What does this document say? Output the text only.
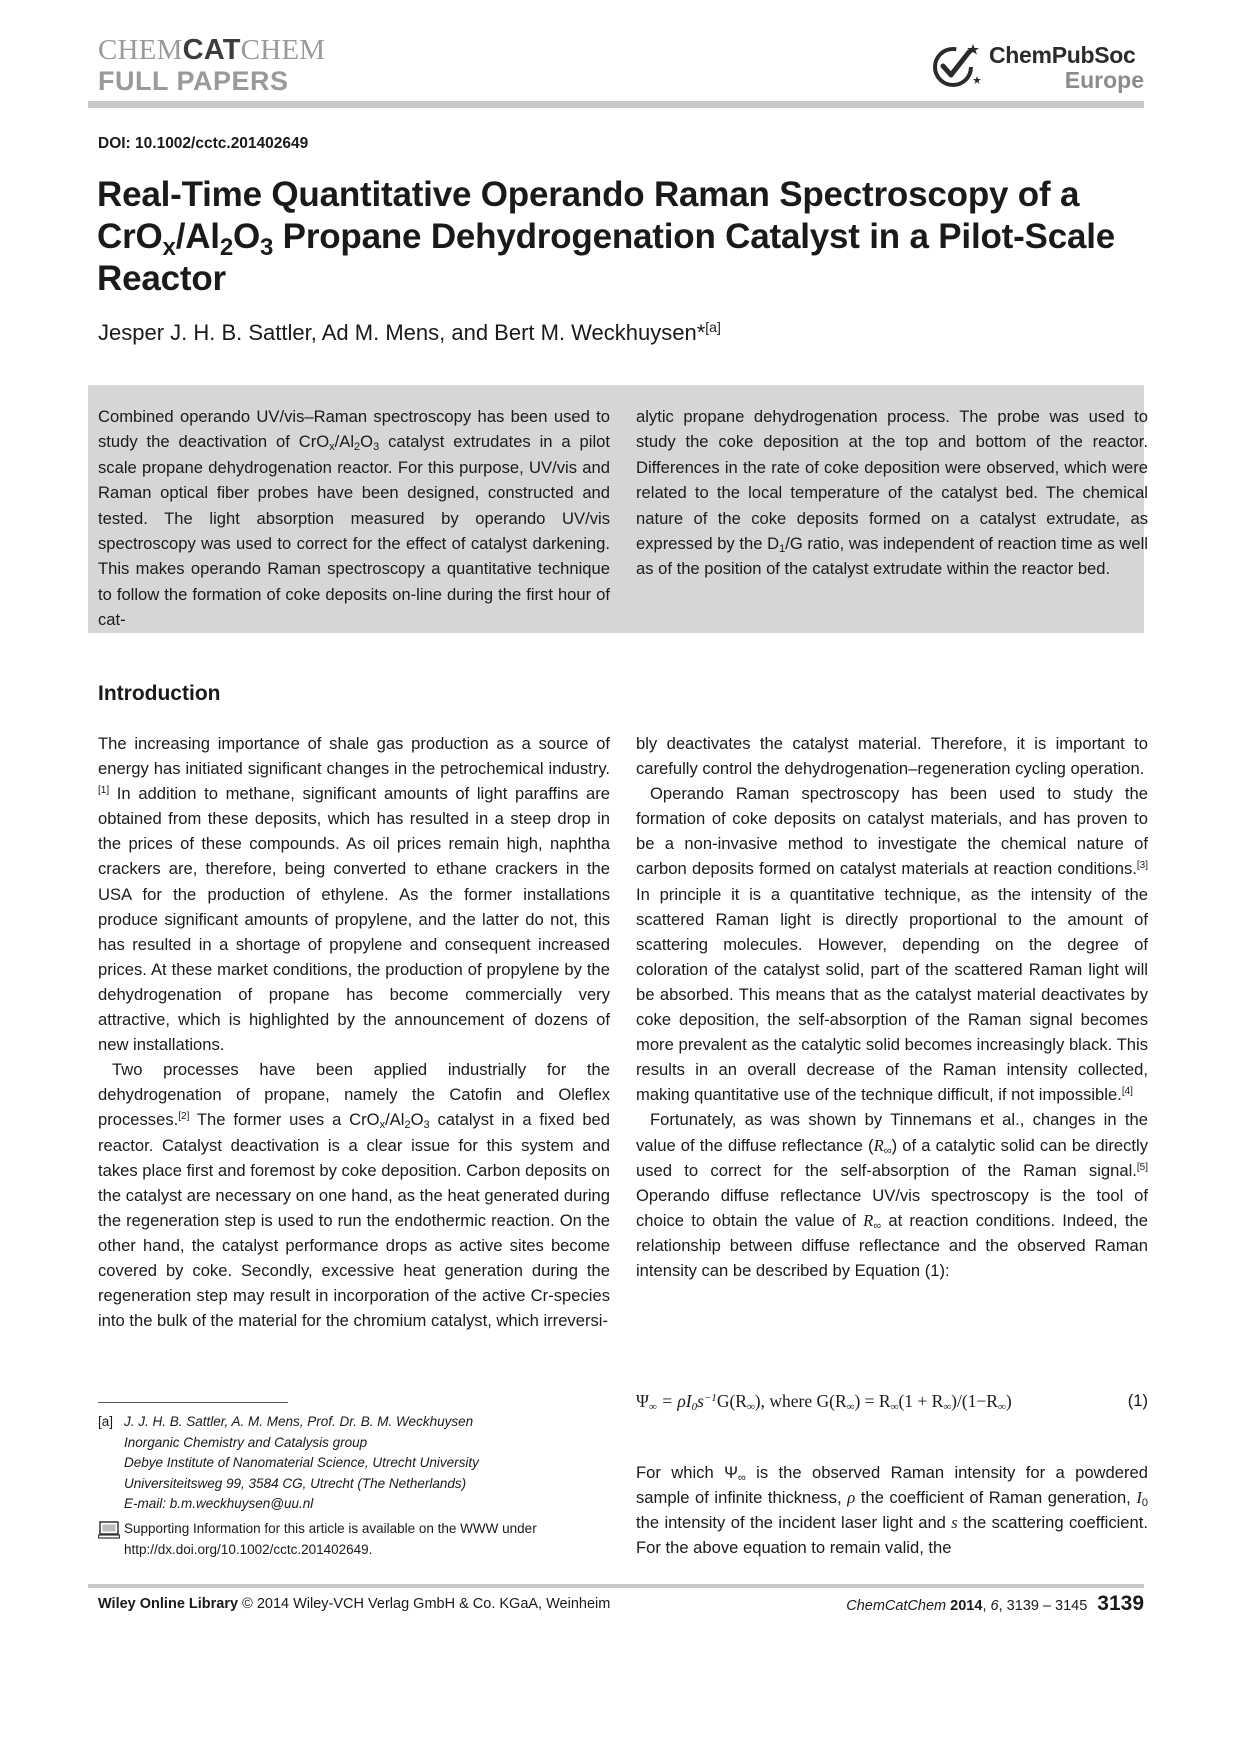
CHEMCATCHEM
FULL PAPERS
ChemPubSoc
Europe
DOI: 10.1002/cctc.201402649
Real-Time Quantitative Operando Raman Spectroscopy of a $CrO_x/Al_2O_3$ Propane Dehydrogenation Catalyst in a Pilot-Scale Reactor
Jesper J. H. B. Sattler, Ad M. Mens, and Bert M. Weckhuysen*[a]
Combined operando UV/vis–Raman spectroscopy has been used to study the deactivation of $CrO_x/Al_2O_3$ catalyst extrudates in a pilot scale propane dehydrogenation reactor. For this purpose, UV/vis and Raman optical fiber probes have been designed, constructed and tested. The light absorption measured by operando UV/vis spectroscopy was used to correct for the effect of catalyst darkening. This makes operando Raman spectroscopy a quantitative technique to follow the formation of coke deposits on-line during the first hour of cat-
alytic propane dehydrogenation process. The probe was used to study the coke deposition at the top and bottom of the reactor. Differences in the rate of coke deposition were observed, which were related to the local temperature of the catalyst bed. The chemical nature of the coke deposits formed on a catalyst extrudate, as expressed by the $D_1/G$ ratio, was independent of reaction time as well as of the position of the catalyst extrudate within the reactor bed.
Introduction

The increasing importance of shale gas production as a source of energy has initiated significant changes in the petrochemical industry.[1] In addition to methane, significant amounts of light paraffins are obtained from these deposits, which has resulted in a steep drop in the prices of these compounds. As oil prices remain high, naphtha crackers are, therefore, being converted to ethane crackers in the USA for the production of ethylene. As the former installations produce significant amounts of propylene, and the latter do not, this has resulted in a shortage of propylene and consequent increased prices. At these market conditions, the production of propylene by the dehydrogenation of propane has become commercially very attractive, which is highlighted by the announcement of dozens of new installations.

Two processes have been applied industrially for the dehydrogenation of propane, namely the Catofin and Oleflex processes.[2] The former uses a $CrO_x/Al_2O_3$ catalyst in a fixed bed reactor. Catalyst deactivation is a clear issue for this system and takes place first and foremost by coke deposition. Carbon deposits on the catalyst are necessary on one hand, as the heat generated during the regeneration step is used to run the endothermic reaction. On the other hand, the catalyst performance drops as active sites become covered by coke. Secondly, excessive heat generation during the regeneration step may result in incorporation of the active Cr-species into the bulk of the material for the chromium catalyst, which irreversi-

bly deactivates the catalyst material. Therefore, it is important to carefully control the dehydrogenation–regeneration cycling operation.

Operando Raman spectroscopy has been used to study the formation of coke deposits on catalyst materials, and has proven to be a non-invasive method to investigate the chemical nature of carbon deposits formed on catalyst materials at reaction conditions.[3] In principle it is a quantitative technique, as the intensity of the scattered Raman light is directly proportional to the amount of scattering molecules. However, depending on the degree of coloration of the catalyst solid, part of the scattered Raman light will be absorbed. This means that as the catalyst material deactivates by coke deposition, the self-absorption of the Raman signal becomes more prevalent as the catalytic solid becomes increasingly black. This results in an overall decrease of the Raman intensity collected, making quantitative use of the technique difficult, if not impossible.[4]

Fortunately, as was shown by Tinnemans et al., changes in the value of the diffuse reflectance $(R_\infty)$ of a catalytic solid can be directly used to correct for the self-absorption of the Raman signal.[5] Operando diffuse reflectance UV/vis spectroscopy is the tool of choice to obtain the value of $R_\infty$ at reaction conditions. Indeed, the relationship between diffuse reflectance and the observed Raman intensity can be described by Equation (1):

$\Psi_\infty = \rho I_0s^{-1}G(R_\infty)$, where $G(R_\infty) = R_\infty(1 + R_\infty)/(1-R_\infty)$	(1)
For which $\Psi_\infty$ is the observed Raman intensity for a powdered sample of infinite thickness, ρ the coefficient of Raman generation, $I_0$ the intensity of the incident laser light and s the scattering coefficient. For the above equation to remain valid, the
[a] J. J. H. B. Sattler, A. M. Mens, Prof. Dr. B. M. Weckhuysen
Inorganic Chemistry and Catalysis group
Debye Institute of Nanomaterial Science, Utrecht University
Universiteitsweg 99, 3584 CG, Utrecht (The Netherlands)
E-mail: b.m.weckhuysen@uu.nl
Supporting Information for this article is available on the WWW under http://dx.doi.org/10.1002/cctc.201402649.
Wiley Online Library © 2014 Wiley-VCH Verlag GmbH & Co. KGaA, Weinheim	ChemCatChem 2014, 6, 3139 – 3145 3139
